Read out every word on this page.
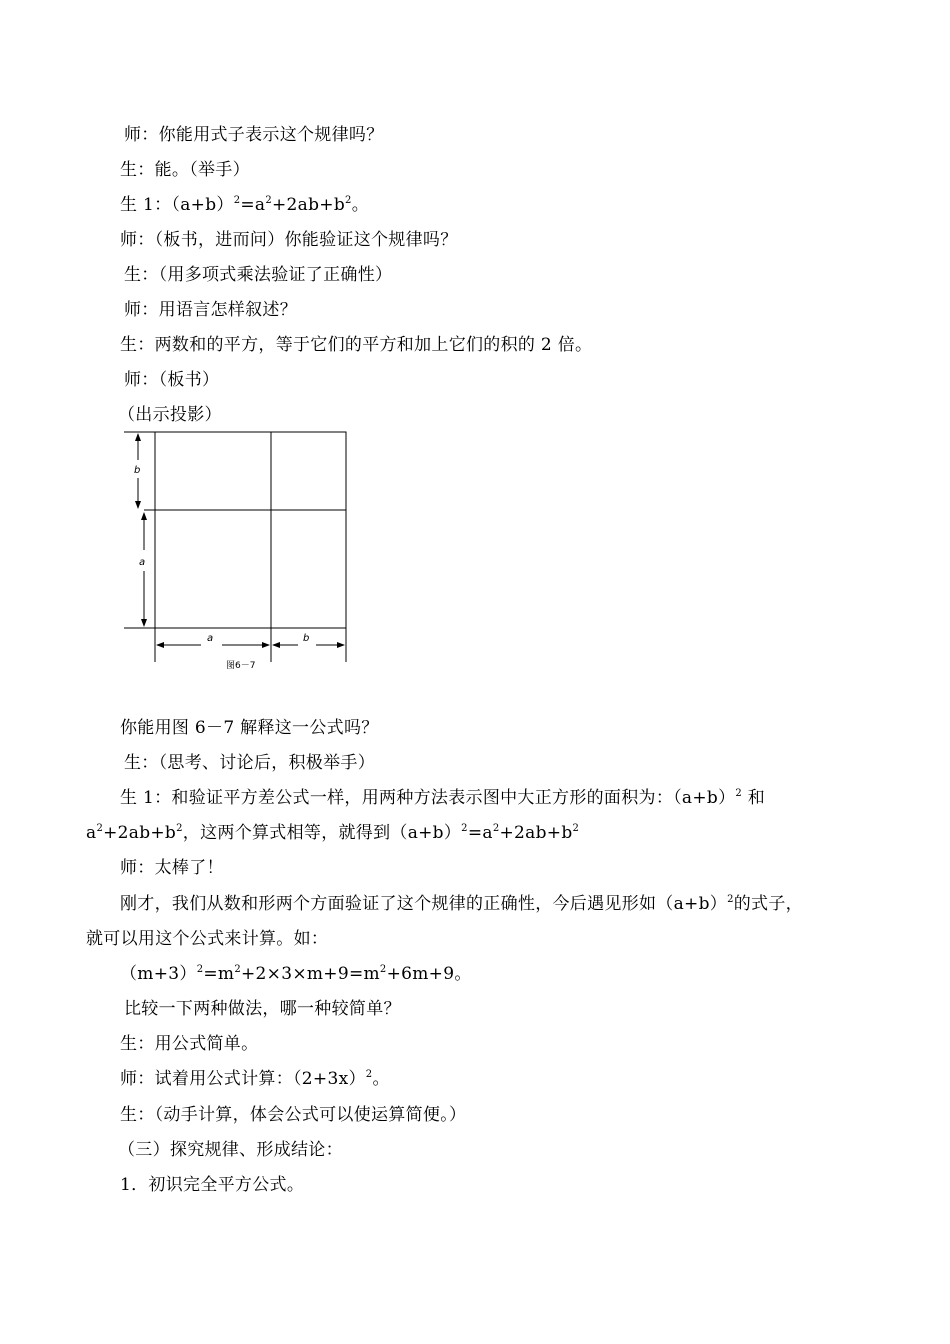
师：你能用式子表示这个规律吗？
生：能。（举手）
生 1：$(a+b)^2=a^2+2ab+b^2$。
师：（板书，进而问）你能验证这个规律吗？
生：（用多项式乘法验证了正确性）
师：用语言怎样叙述？
生：两数和的平方，等于它们的平方和加上它们的积的 2 倍。
师：（板书）
（出示投影）
b
a
a	b
图6－7
你能用图 6－7 解释这一公式吗？
生：（思考、讨论后，积极举手）
生 1：和验证平方差公式一样，用两种方法表示图中大正方形的面积为：$(a+b)^2$ 和
$a^2+2ab+b^2$，这两个算式相等，就得到$(a+b)^2=a^2+2ab+b^2$
师：太棒了！
刚才，我们从数和形两个方面验证了这个规律的正确性，今后遇见形如$(a+b)^2$的式子，
就可以用这个公式来计算。如：
$(m+3)^2=m^2+2\times 3\times m+9=m^2+6m+9$。
比较一下两种做法，哪一种较简单？
生：用公式简单。
师：试着用公式计算：$(2+3x)^2$。
生：（动手计算，体会公式可以使运算简便。）
（三）探究规律、形成结论：
1．初识完全平方公式。
